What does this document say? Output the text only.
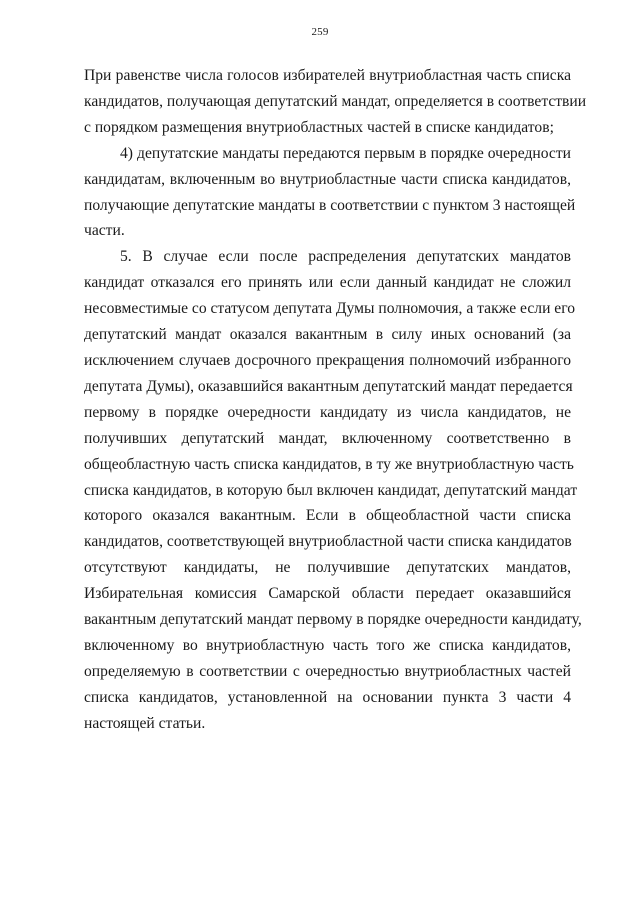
259

При равенстве числа голосов избирателей внутриобластная часть списка
кандидатов, получающая депутатский мандат, определяется в соответствии
с порядком размещения внутриобластных частей в списке кандидатов;

4) депутатские мандаты передаются первым в порядке очередности
кандидатам, включенным во внутриобластные части списка кандидатов,
получающие депутатские мандаты в соответствии с пунктом 3 настоящей
части.

5. В случае если после распределения депутатских мандатов
кандидат отказался его принять или если данный кандидат не сложил
несовместимые со статусом депутата Думы полномочия, а также если его
депутатский мандат оказался вакантным в силу иных оснований (за
исключением случаев досрочного прекращения полномочий избранного
депутата Думы), оказавшийся вакантным депутатский мандат передается
первому в порядке очередности кандидату из числа кандидатов, не
получивших депутатский мандат, включенному соответственно в
общеобластную часть списка кандидатов, в ту же внутриобластную часть
списка кандидатов, в которую был включен кандидат, депутатский мандат
которого оказался вакантным. Если в общеобластной части списка
кандидатов, соответствующей внутриобластной части списка кандидатов
отсутствуют кандидаты, не получившие депутатских мандатов,
Избирательная комиссия Самарской области передает оказавшийся
вакантным депутатский мандат первому в порядке очередности кандидату,
включенному во внутриобластную часть того же списка кандидатов,
определяемую в соответствии с очередностью внутриобластных частей
списка кандидатов, установленной на основании пункта 3 части 4
настоящей статьи.
